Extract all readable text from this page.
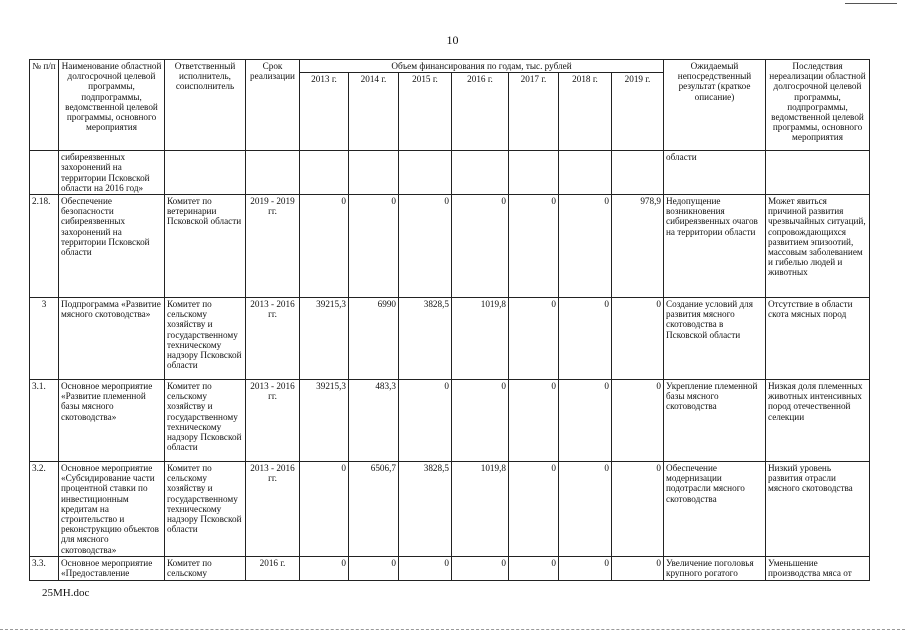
10
№ п/п	Наименование областной долгосрочной целевой программы, подпрограммы, ведомственной целевой программы, основного мероприятия	Ответственный исполнитель, соисполнитель	Срок реализации	Объем финансирования по годам, тыс. рублей							Ожидаемый непосредственный результат (краткое описание)	Последствия нереализации областной долгосрочной целевой программы, подпрограммы, ведомственной целевой программы, основного мероприятия
				2013 г.	2014 г.	2015 г.	2016 г.	2017 г.	2018 г.	2019 г.		
	сибиреязвенных захоронений на территории Псковской области на 2016 год»										области	
2.18.	Обеспечение безопасности сибиреязвенных захоронений на территории Псковской области	Комитет по ветеринарии Псковской области	2019 - 2019 гг.	0	0	0	0	0	0	978,9	Недопущение возникновения сибиреязвенных очагов на территории области	Может явиться причиной развития чрезвычайных ситуаций, сопровождающихся развитием эпизоотий, массовым заболеванием и гибелью людей и животных
3	Подпрограмма «Развитие мясного скотоводства»	Комитет по сельскому хозяйству и государственному техническому надзору Псковской области	2013 - 2016 гг.	39215,3	6990	3828,5	1019,8	0	0	0	Создание условий для развития мясного скотоводства в Псковской области	Отсутствие в области скота мясных пород
3.1.	Основное мероприятие «Развитие племенной базы мясного скотоводства»	Комитет по сельскому хозяйству и государственному техническому надзору Псковской области	2013 - 2016 гг.	39215,3	483,3	0	0	0	0	0	Укрепление племенной базы мясного скотоводства	Низкая доля племенных животных интенсивных пород отечественной селекции
3.2.	Основное мероприятие «Субсидирование части процентной ставки по инвестиционным кредитам на строительство и реконструкцию объектов для мясного скотоводства»	Комитет по сельскому хозяйству и государственному техническому надзору Псковской области	2013 - 2016 гг.	0	6506,7	3828,5	1019,8	0	0	0	Обеспечение модернизации подотрасли мясного скотоводства	Низкий уровень развития отрасли мясного скотоводства
3.3.	Основное мероприятие «Предоставление	Комитет по сельскому	2016 г.	0	0	0	0	0	0	0	Увеличение поголовья крупного рогатого	Уменьшение производства мяса от
25МН.doc
